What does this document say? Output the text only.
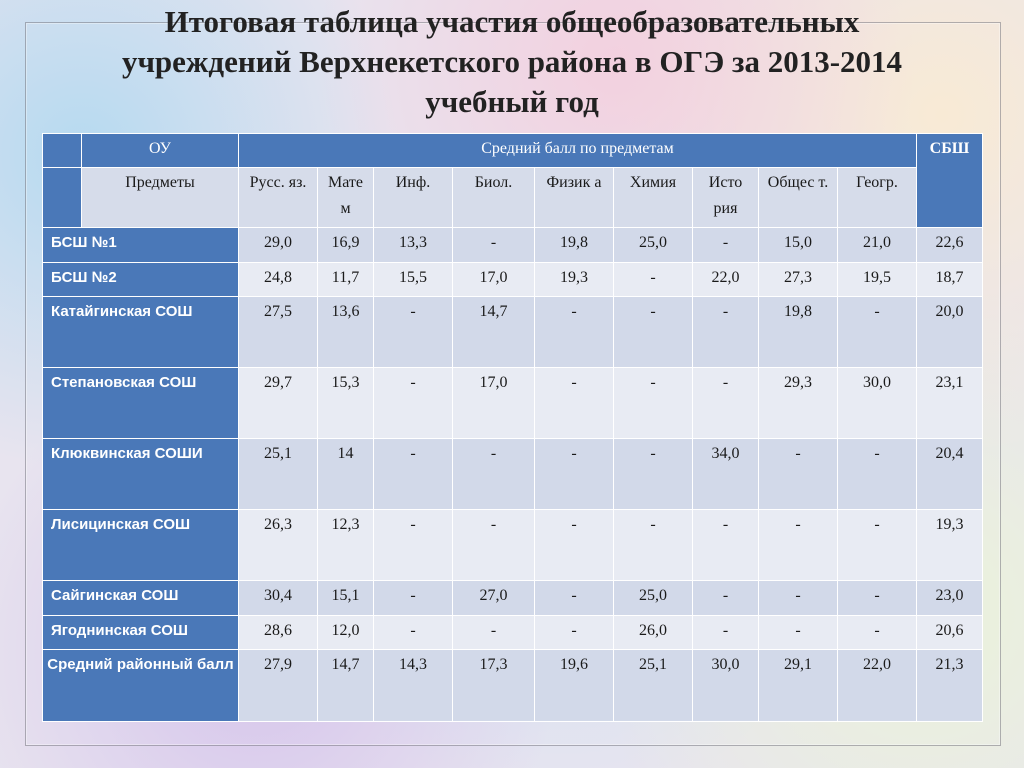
Итоговая таблица участия общеобразовательных
учреждений Верхнекетского района в ОГЭ за 2013-2014
учебный год
	ОУ	Средний балл по предметам									СБШ
	Предметы	Русс. яз.	Мате м	Инф.	Биол.	Физик а	Химия	Исто рия	Общес т.	Геогр.	
БСШ №1		29,0	16,9	13,3	-	19,8	25,0	-	15,0	21,0	22,6
БСШ №2		24,8	11,7	15,5	17,0	19,3	-	22,0	27,3	19,5	18,7
Катайгинская СОШ		27,5	13,6	-	14,7	-	-	-	19,8	-	20,0
Степановская СОШ		29,7	15,3	-	17,0	-	-	-	29,3	30,0	23,1
Клюквинская СОШИ		25,1	14	-	-	-	-	34,0	-	-	20,4
Лисицинская СОШ		26,3	12,3	-	-	-	-	-	-	-	19,3
Сайгинская СОШ		30,4	15,1	-	27,0	-	25,0	-	-	-	23,0
Ягоднинская СОШ		28,6	12,0	-	-	-	26,0	-	-	-	20,6
Средний районный балл		27,9	14,7	14,3	17,3	19,6	25,1	30,0	29,1	22,0	21,3
